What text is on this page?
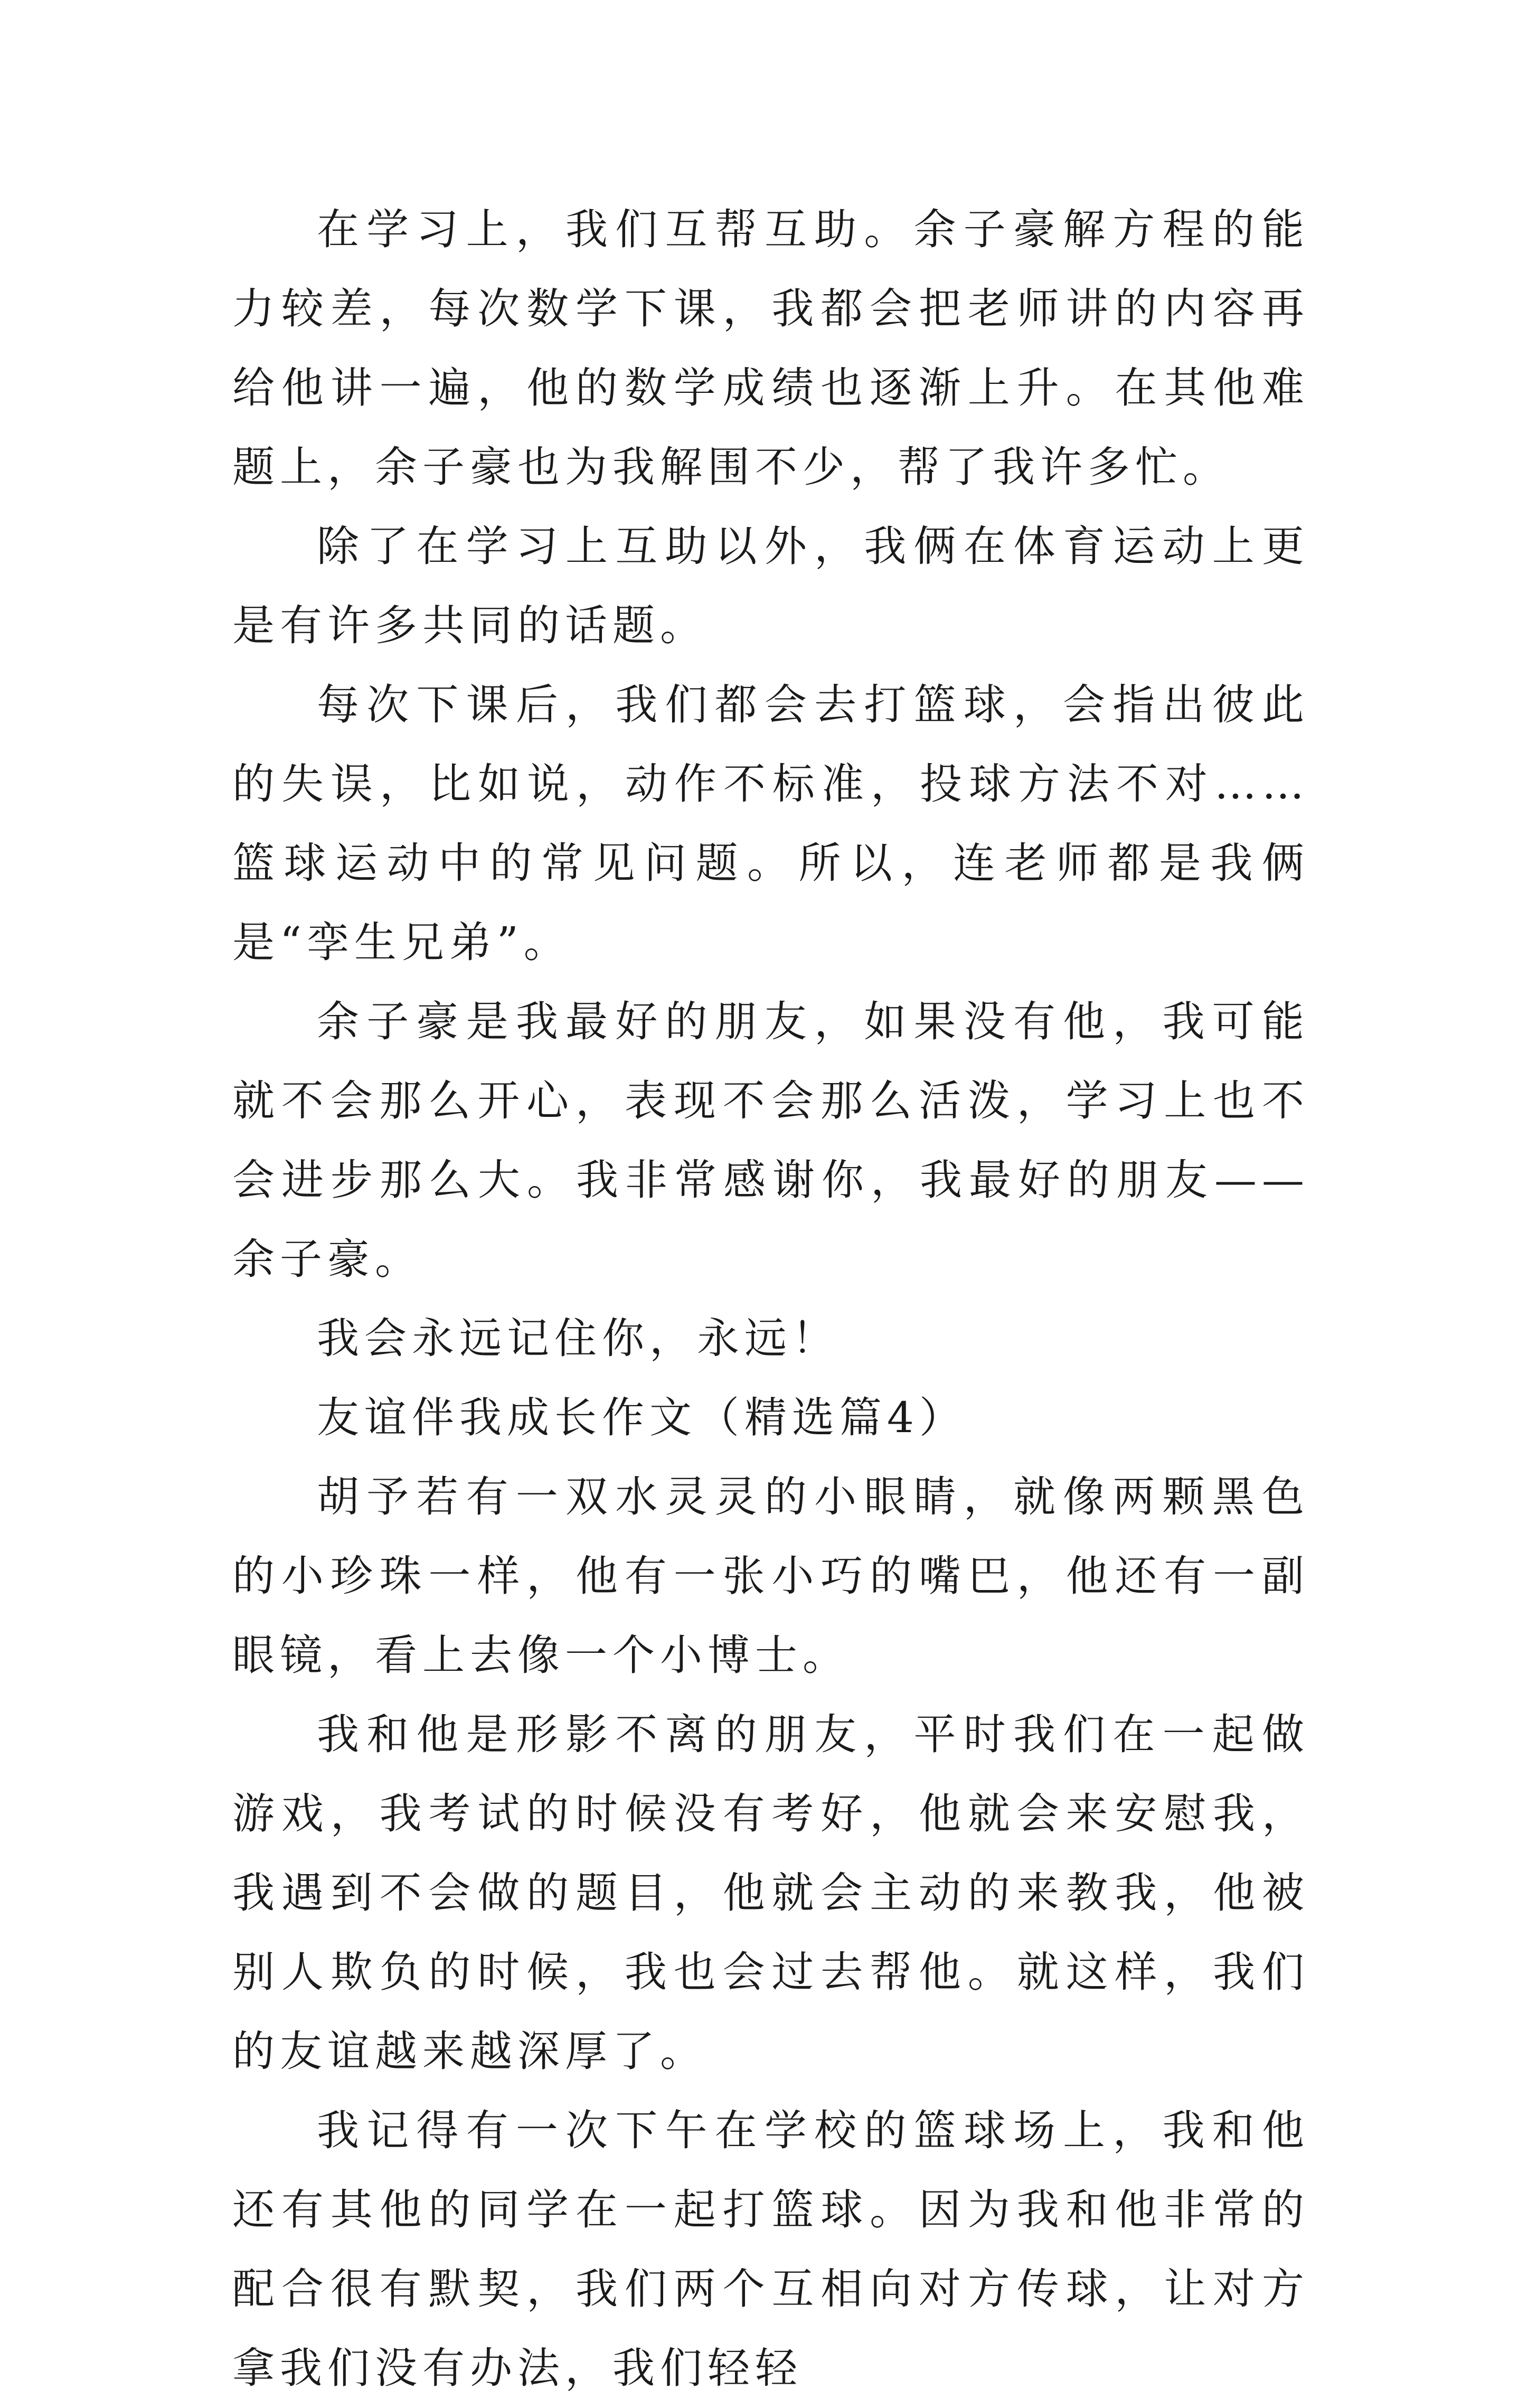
在学习上，我们互帮互助。余子豪解方程的能力较差，每次数学下课，我都会把老师讲的内容再给他讲一遍，他的数学成绩也逐渐上升。在其他难题上，余子豪也为我解围不少，帮了我许多忙。

除了在学习上互助以外，我俩在体育运动上更是有许多共同的话题。

每次下课后，我们都会去打篮球，会指出彼此的失误，比如说，动作不标准，投球方法不对……篮球运动中的常见问题。所以，连老师都是我俩是“孪生兄弟”。

余子豪是我最好的朋友，如果没有他，我可能就不会那么开心，表现不会那么活泼，学习上也不会进步那么大。我非常感谢你，我最好的朋友——余子豪。

我会永远记住你，永远！

友谊伴我成长作文（精选篇4）

胡予若有一双水灵灵的小眼睛，就像两颗黑色的小珍珠一样，他有一张小巧的嘴巴，他还有一副眼镜，看上去像一个小博士。

我和他是形影不离的朋友，平时我们在一起做游戏，我考试的时候没有考好，他就会来安慰我，我遇到不会做的题目，他就会主动的来教我，他被别人欺负的时候，我也会过去帮他。就这样，我们的友谊越来越深厚了。

我记得有一次下午在学校的篮球场上，我和他还有其他的同学在一起打篮球。因为我和他非常的配合很有默契，我们两个互相向对方传球，让对方拿我们没有办法，我们轻轻
